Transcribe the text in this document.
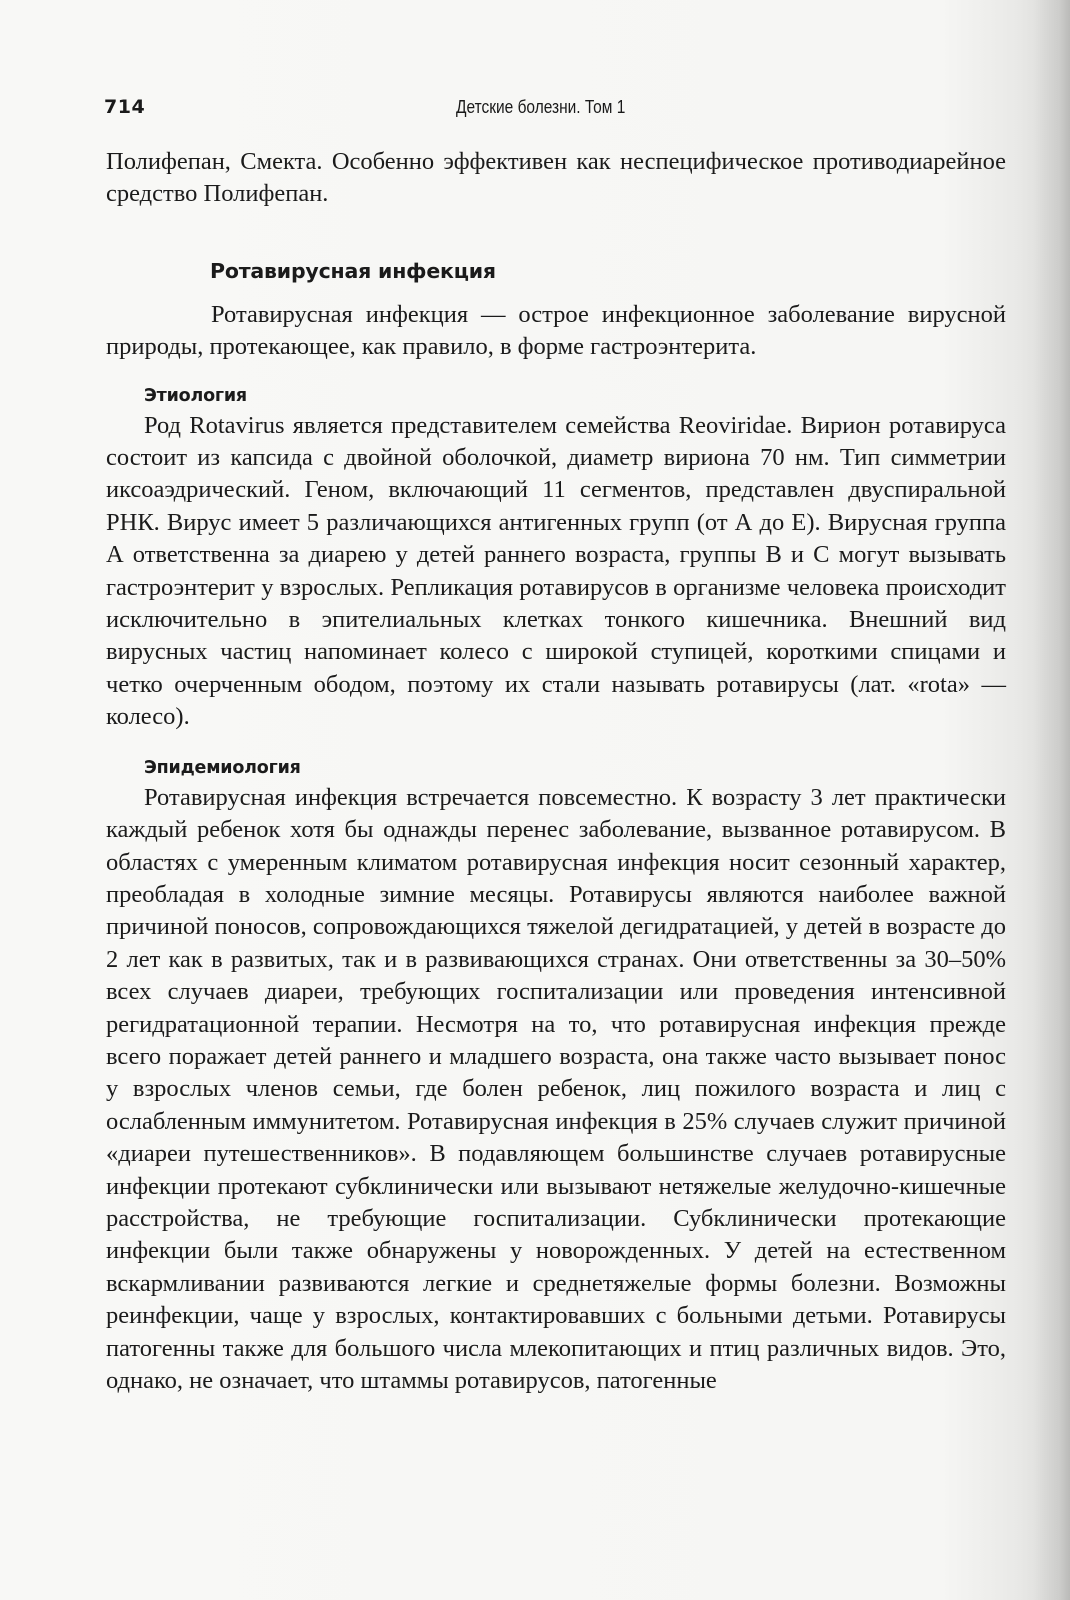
714	Детские болезни. Том 1

Полифепан, Смекта. Особенно эффективен как неспецифическое противодиарейное средство Полифепан.

Ротавирусная инфекция

Ротавирусная инфекция — острое инфекционное заболевание вирусной природы, протекающее, как правило, в форме гастроэнтерита.

Этиология

Род Rotavirus является представителем семейства Reoviridae. Вирион ротавируса состоит из капсида с двойной оболочкой, диаметр вириона 70 нм. Тип симметрии иксоаэдрический. Геном, включающий 11 сегментов, представлен двуспиральной РНК. Вирус имеет 5 различающихся антигенных групп (от А до Е). Вирусная группа А ответственна за диарею у детей раннего возраста, группы В и С могут вызывать гастроэнтерит у взрослых. Репликация ротавирусов в организме человека происходит исключительно в эпителиальных клетках тонкого кишечника. Внешний вид вирусных частиц напоминает колесо с широкой ступицей, короткими спицами и четко очерченным ободом, поэтому их стали называть ротавирусы (лат. «rota» — колесо).

Эпидемиология

Ротавирусная инфекция встречается повсеместно. К возрасту 3 лет практически каждый ребенок хотя бы однажды перенес заболевание, вызванное ротавирусом. В областях с умеренным климатом ротавирусная инфекция носит сезонный характер, преобладая в холодные зимние месяцы. Ротавирусы являются наиболее важной причиной поносов, сопровождающихся тяжелой дегидратацией, у детей в возрасте до 2 лет как в развитых, так и в развивающихся странах. Они ответственны за 30–50% всех случаев диареи, требующих госпитализации или проведения интенсивной регидратационной терапии. Несмотря на то, что ротавирусная инфекция прежде всего поражает детей раннего и младшего возраста, она также часто вызывает понос у взрослых членов семьи, где болен ребенок, лиц пожилого возраста и лиц с ослабленным иммунитетом. Ротавирусная инфекция в 25% случаев служит причиной «диареи путешественников». В подавляющем большинстве случаев ротавирусные инфекции протекают субклинически или вызывают нетяжелые желудочно-кишечные расстройства, не требующие госпитализации. Субклинически протекающие инфекции были также обнаружены у новорожденных. У детей на естественном вскармливании развиваются легкие и среднетяжелые формы болезни. Возможны реинфекции, чаще у взрослых, контактировавших с больными детьми. Ротавирусы патогенны также для большого числа млекопитающих и птиц различных видов. Это, однако, не означает, что штаммы ротавирусов, патогенные
